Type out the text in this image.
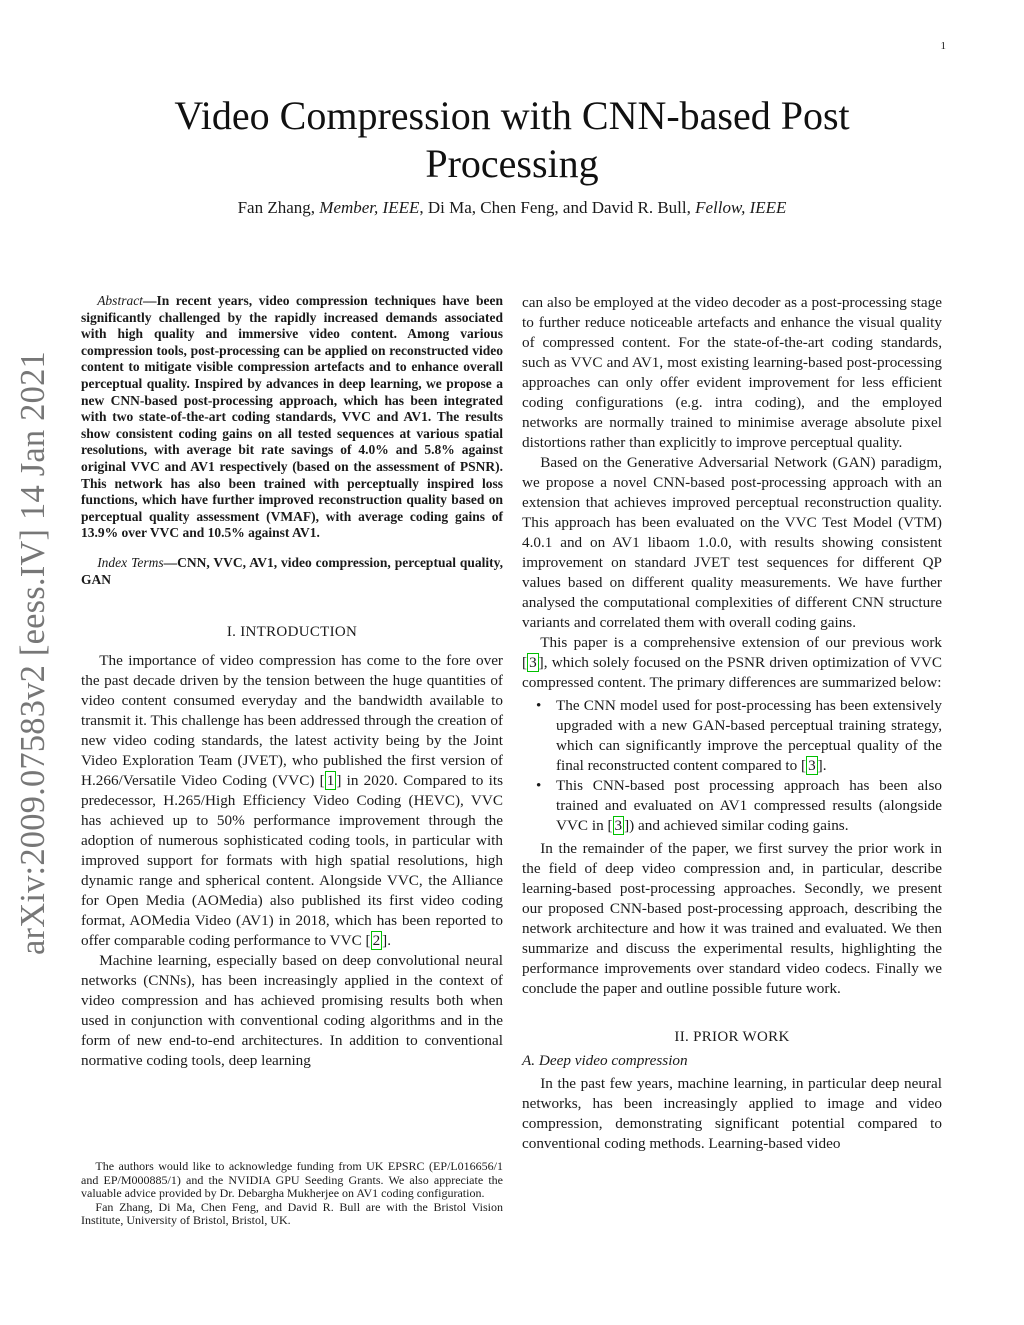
1
arXiv:2009.07583v2 [eess.IV] 14 Jan 2021
Video Compression with CNN-based Post Processing
Fan Zhang, Member, IEEE, Di Ma, Chen Feng, and David R. Bull, Fellow, IEEE

Abstract—In recent years, video compression techniques have been significantly challenged by the rapidly increased demands associated with high quality and immersive video content. Among various compression tools, post-processing can be applied on reconstructed video content to mitigate visible compression artefacts and to enhance overall perceptual quality. Inspired by advances in deep learning, we propose a new CNN-based post-processing approach, which has been integrated with two state-of-the-art coding standards, VVC and AV1. The results show consistent coding gains on all tested sequences at various spatial resolutions, with average bit rate savings of 4.0% and 5.8% against original VVC and AV1 respectively (based on the assessment of PSNR). This network has also been trained with perceptually inspired loss functions, which have further improved reconstruction quality based on perceptual quality assessment (VMAF), with average coding gains of 13.9% over VVC and 10.5% against AV1.

Index Terms—CNN, VVC, AV1, video compression, perceptual quality, GAN

I. INTRODUCTION

The importance of video compression has come to the fore over the past decade driven by the tension between the huge quantities of video content consumed everyday and the bandwidth available to transmit it. This challenge has been addressed through the creation of new video coding standards, the latest activity being by the Joint Video Exploration Team (JVET), who published the first version of H.266/Versatile Video Coding (VVC) [ 1 ] in 2020. Compared to its predecessor, H.265/High Efficiency Video Coding (HEVC), VVC has achieved up to 50% performance improvement through the adoption of numerous sophisticated coding tools, in particular with improved support for formats with high spatial resolutions, high dynamic range and spherical content. Alongside VVC, the Alliance for Open Media (AOMedia) also published its first video coding format, AOMedia Video (AV1) in 2018, which has been reported to offer comparable coding performance to VVC [ 2 ].

Machine learning, especially based on deep convolutional neural networks (CNNs), has been increasingly applied in the context of video compression and has achieved promising results both when used in conjunction with conventional coding algorithms and in the form of new end-to-end architectures. In addition to conventional normative coding tools, deep learning

The authors would like to acknowledge funding from UK EPSRC (EP/L016656/1 and EP/M000885/1) and the NVIDIA GPU Seeding Grants. We also appreciate the valuable advice provided by Dr. Debargha Mukherjee on AV1 coding configuration.

Fan Zhang, Di Ma, Chen Feng, and David R. Bull are with the Bristol Vision Institute, University of Bristol, Bristol, UK.

can also be employed at the video decoder as a post-processing stage to further reduce noticeable artefacts and enhance the visual quality of compressed content. For the state-of-the-art coding standards, such as VVC and AV1, most existing learning-based post-processing approaches can only offer evident improvement for less efficient coding configurations (e.g. intra coding), and the employed networks are normally trained to minimise average absolute pixel distortions rather than explicitly to improve perceptual quality.

Based on the Generative Adversarial Network (GAN) paradigm, we propose a novel CNN-based post-processing approach with an extension that achieves improved perceptual reconstruction quality. This approach has been evaluated on the VVC Test Model (VTM) 4.0.1 and on AV1 libaom 1.0.0, with results showing consistent improvement on standard JVET test sequences for different QP values based on different quality measurements. We have further analysed the computational complexities of different CNN structure variants and correlated them with overall coding gains.

This paper is a comprehensive extension of our previous work [ 3 ], which solely focused on the PSNR driven optimization of VVC compressed content. The primary differences are summarized below:

• The CNN model used for post-processing has been extensively upgraded with a new GAN-based perceptual training strategy, which can significantly improve the perceptual quality of the final reconstructed content compared to [ 3 ].
• This CNN-based post processing approach has been also trained and evaluated on AV1 compressed results (alongside VVC in [ 3 ]) and achieved similar coding gains.

In the remainder of the paper, we first survey the prior work in the field of deep video compression and, in particular, describe learning-based post-processing approaches. Secondly, we present our proposed CNN-based post-processing approach, describing the network architecture and how it was trained and evaluated. We then summarize and discuss the experimental results, highlighting the performance improvements over standard video codecs. Finally we conclude the paper and outline possible future work.

II. PRIOR WORK
A. Deep video compression

In the past few years, machine learning, in particular deep neural networks, has been increasingly applied to image and video compression, demonstrating significant potential compared to conventional coding methods. Learning-based video
